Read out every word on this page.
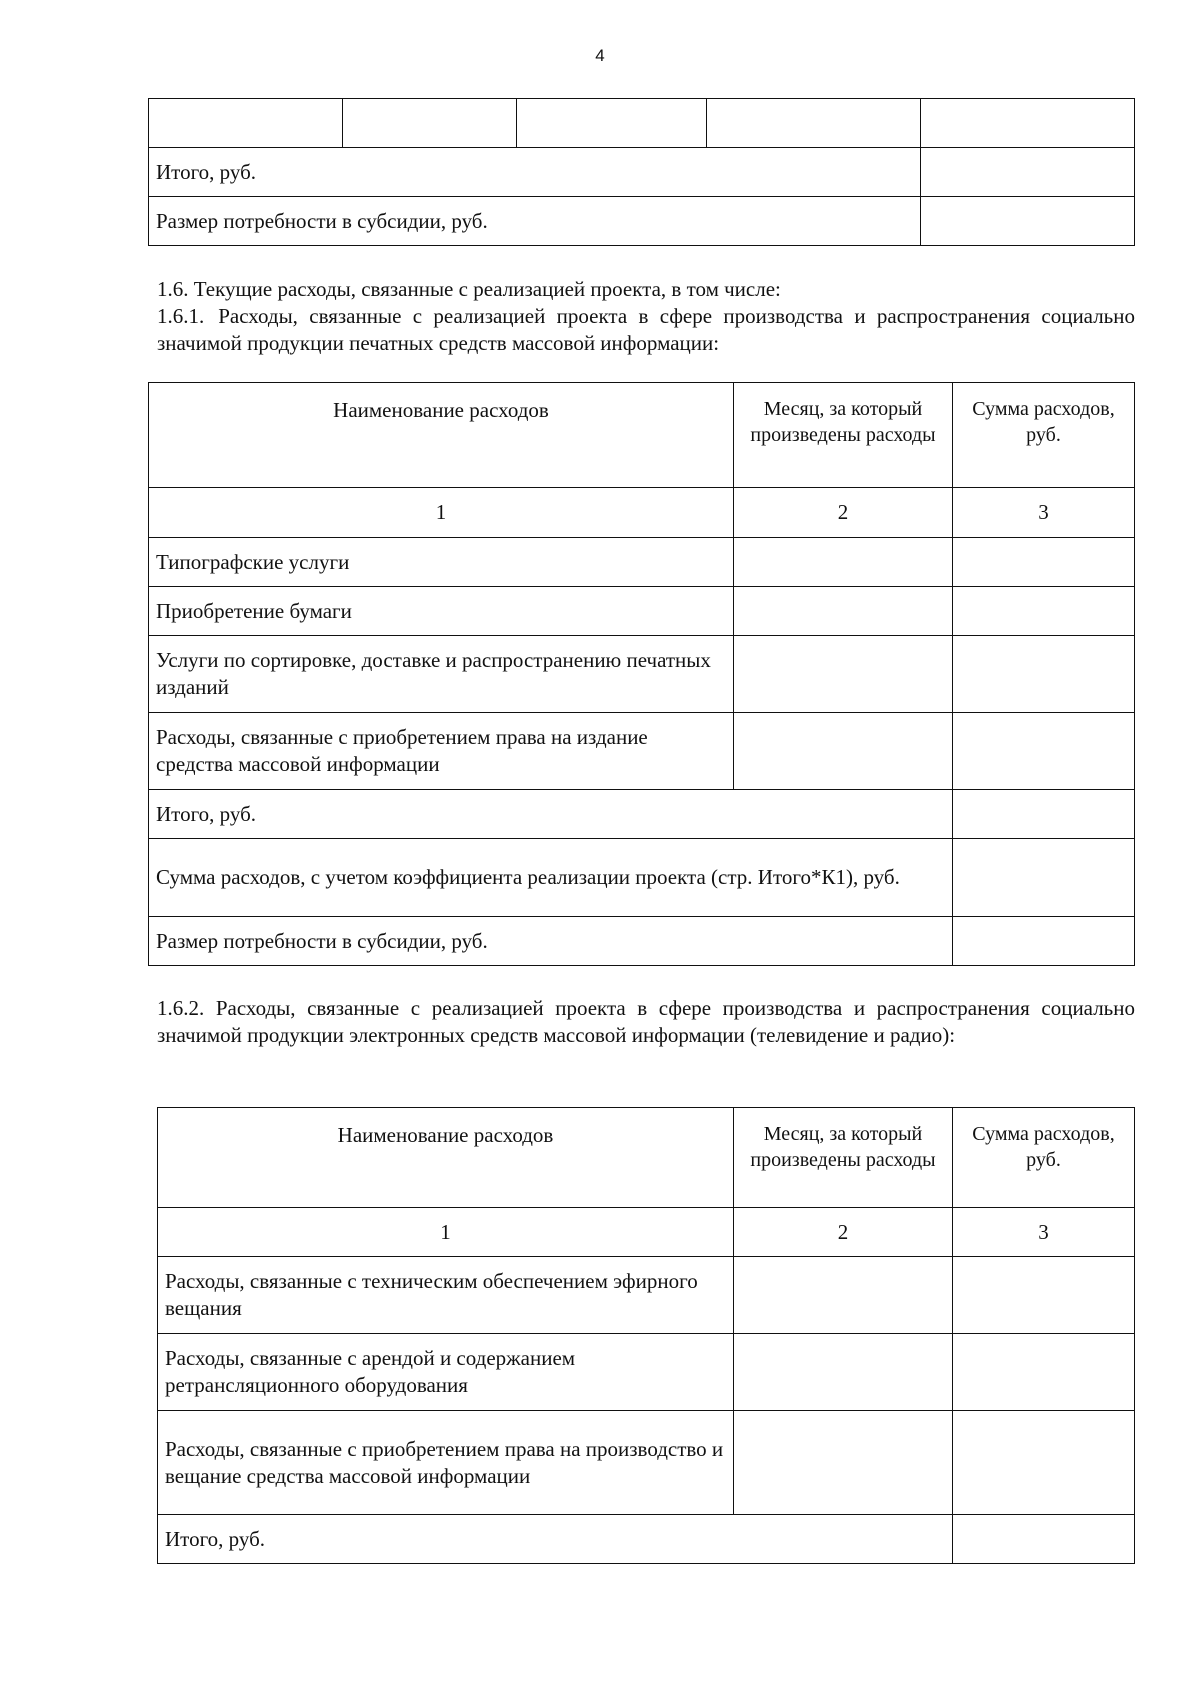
4

Итого, руб.				
Размер потребности в субсидии, руб.				

1.6. Текущие расходы, связанные с реализацией проекта, в том числе:

1.6.1. Расходы, связанные с реализацией проекта в сфере производства и распространения социально значимой продукции печатных средств массовой информации:

Наименование расходов	Месяц, за который произведены расходы	Сумма расходов, руб.
1	2	3
Типографские услуги		
Приобретение бумаги		
Услуги по сортировке, доставке и распространению печатных изданий		
Расходы, связанные с приобретением права на издание средства массовой информации		
Итого, руб.		
Сумма расходов, с учетом коэффициента реализации проекта (стр. Итого*К1), руб.		
Размер потребности в субсидии, руб.		

1.6.2. Расходы, связанные с реализацией проекта в сфере производства и распространения социально значимой продукции электронных средств массовой информации (телевидение и радио):

Наименование расходов	Месяц, за который произведены расходы	Сумма расходов, руб.
1	2	3
Расходы, связанные с техническим обеспечением эфирного вещания		
Расходы, связанные с арендой и содержанием ретрансляционного оборудования		
Расходы, связанные с приобретением права на производство и вещание средства массовой информации		
Итого, руб.		
